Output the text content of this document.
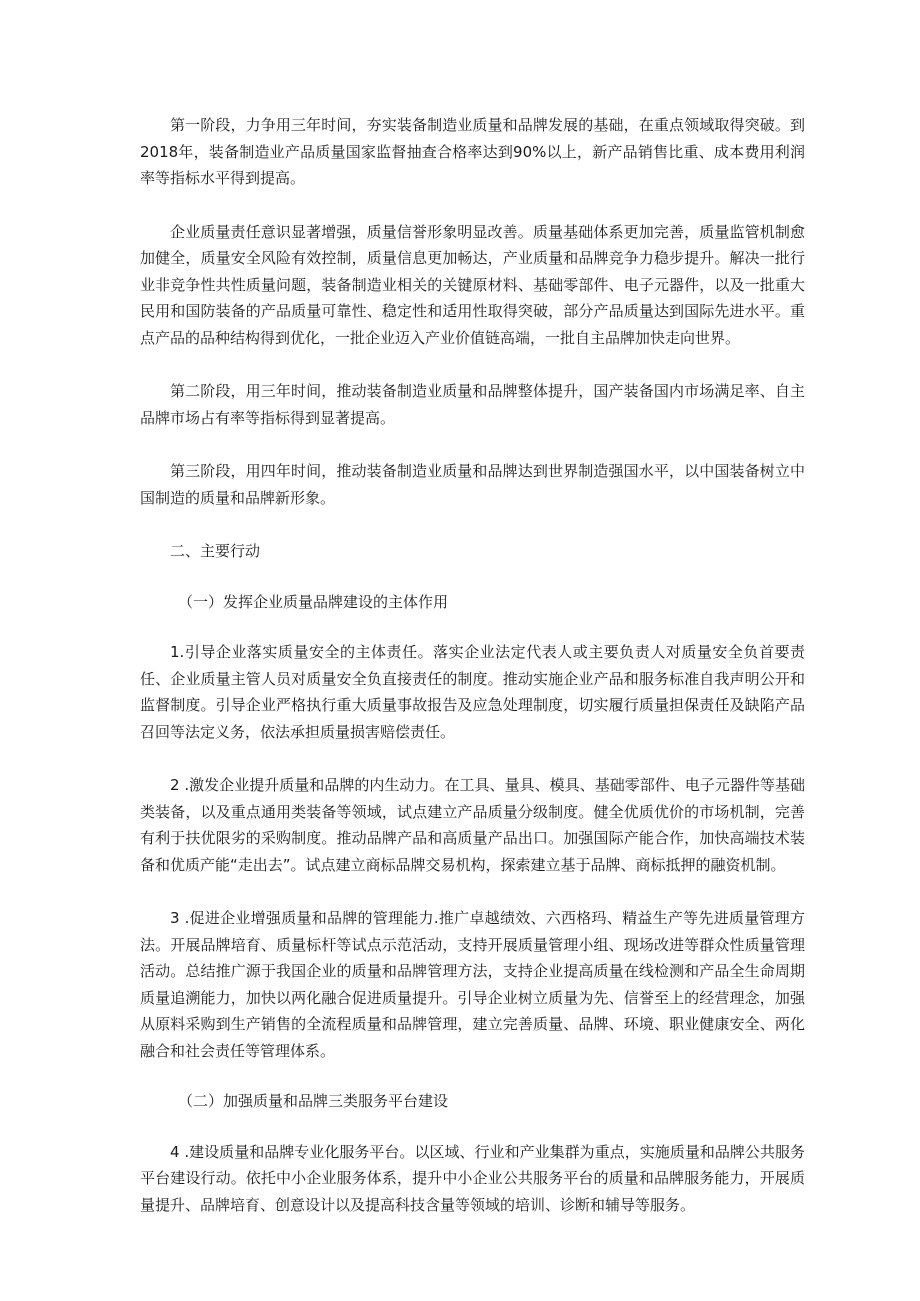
第一阶段，力争用三年时间，夯实装备制造业质量和品牌发展的基础，在重点领域取得突破。到2018年，装备制造业产品质量国家监督抽查合格率达到90%以上，新产品销售比重、成本费用利润率等指标水平得到提高。

企业质量责任意识显著增强，质量信誉形象明显改善。质量基础体系更加完善，质量监管机制愈加健全，质量安全风险有效控制，质量信息更加畅达，产业质量和品牌竞争力稳步提升。解决一批行业非竞争性共性质量问题，装备制造业相关的关键原材料、基础零部件、电子元器件，以及一批重大民用和国防装备的产品质量可靠性、稳定性和适用性取得突破，部分产品质量达到国际先进水平。重点产品的品种结构得到优化，一批企业迈入产业价值链高端，一批自主品牌加快走向世界。

第二阶段，用三年时间，推动装备制造业质量和品牌整体提升，国产装备国内市场满足率、自主品牌市场占有率等指标得到显著提高。

第三阶段，用四年时间，推动装备制造业质量和品牌达到世界制造强国水平，以中国装备树立中国制造的质量和品牌新形象。

二、主要行动

（一）发挥企业质量品牌建设的主体作用

1.引导企业落实质量安全的主体责任。落实企业法定代表人或主要负责人对质量安全负首要责任、企业质量主管人员对质量安全负直接责任的制度。推动实施企业产品和服务标准自我声明公开和监督制度。引导企业严格执行重大质量事故报告及应急处理制度，切实履行质量担保责任及缺陷产品召回等法定义务，依法承担质量损害赔偿责任。

2 .激发企业提升质量和品牌的内生动力。在工具、量具、模具、基础零部件、电子元器件等基础类装备，以及重点通用类装备等领域，试点建立产品质量分级制度。健全优质优价的市场机制，完善有利于扶优限劣的采购制度。推动品牌产品和高质量产品出口。加强国际产能合作，加快高端技术装备和优质产能“走出去”。试点建立商标品牌交易机构，探索建立基于品牌、商标抵押的融资机制。

3 .促进企业增强质量和品牌的管理能力.推广卓越绩效、六西格玛、精益生产等先进质量管理方法。开展品牌培育、质量标杆等试点示范活动，支持开展质量管理小组、现场改进等群众性质量管理活动。总结推广源于我国企业的质量和品牌管理方法，支持企业提高质量在线检测和产品全生命周期质量追溯能力，加快以两化融合促进质量提升。引导企业树立质量为先、信誉至上的经营理念，加强从原料采购到生产销售的全流程质量和品牌管理，建立完善质量、品牌、环境、职业健康安全、两化融合和社会责任等管理体系。

（二）加强质量和品牌三类服务平台建设

4 .建设质量和品牌专业化服务平台。以区域、行业和产业集群为重点，实施质量和品牌公共服务平台建设行动。依托中小企业服务体系，提升中小企业公共服务平台的质量和品牌服务能力，开展质量提升、品牌培育、创意设计以及提高科技含量等领域的培训、诊断和辅导等服务。
